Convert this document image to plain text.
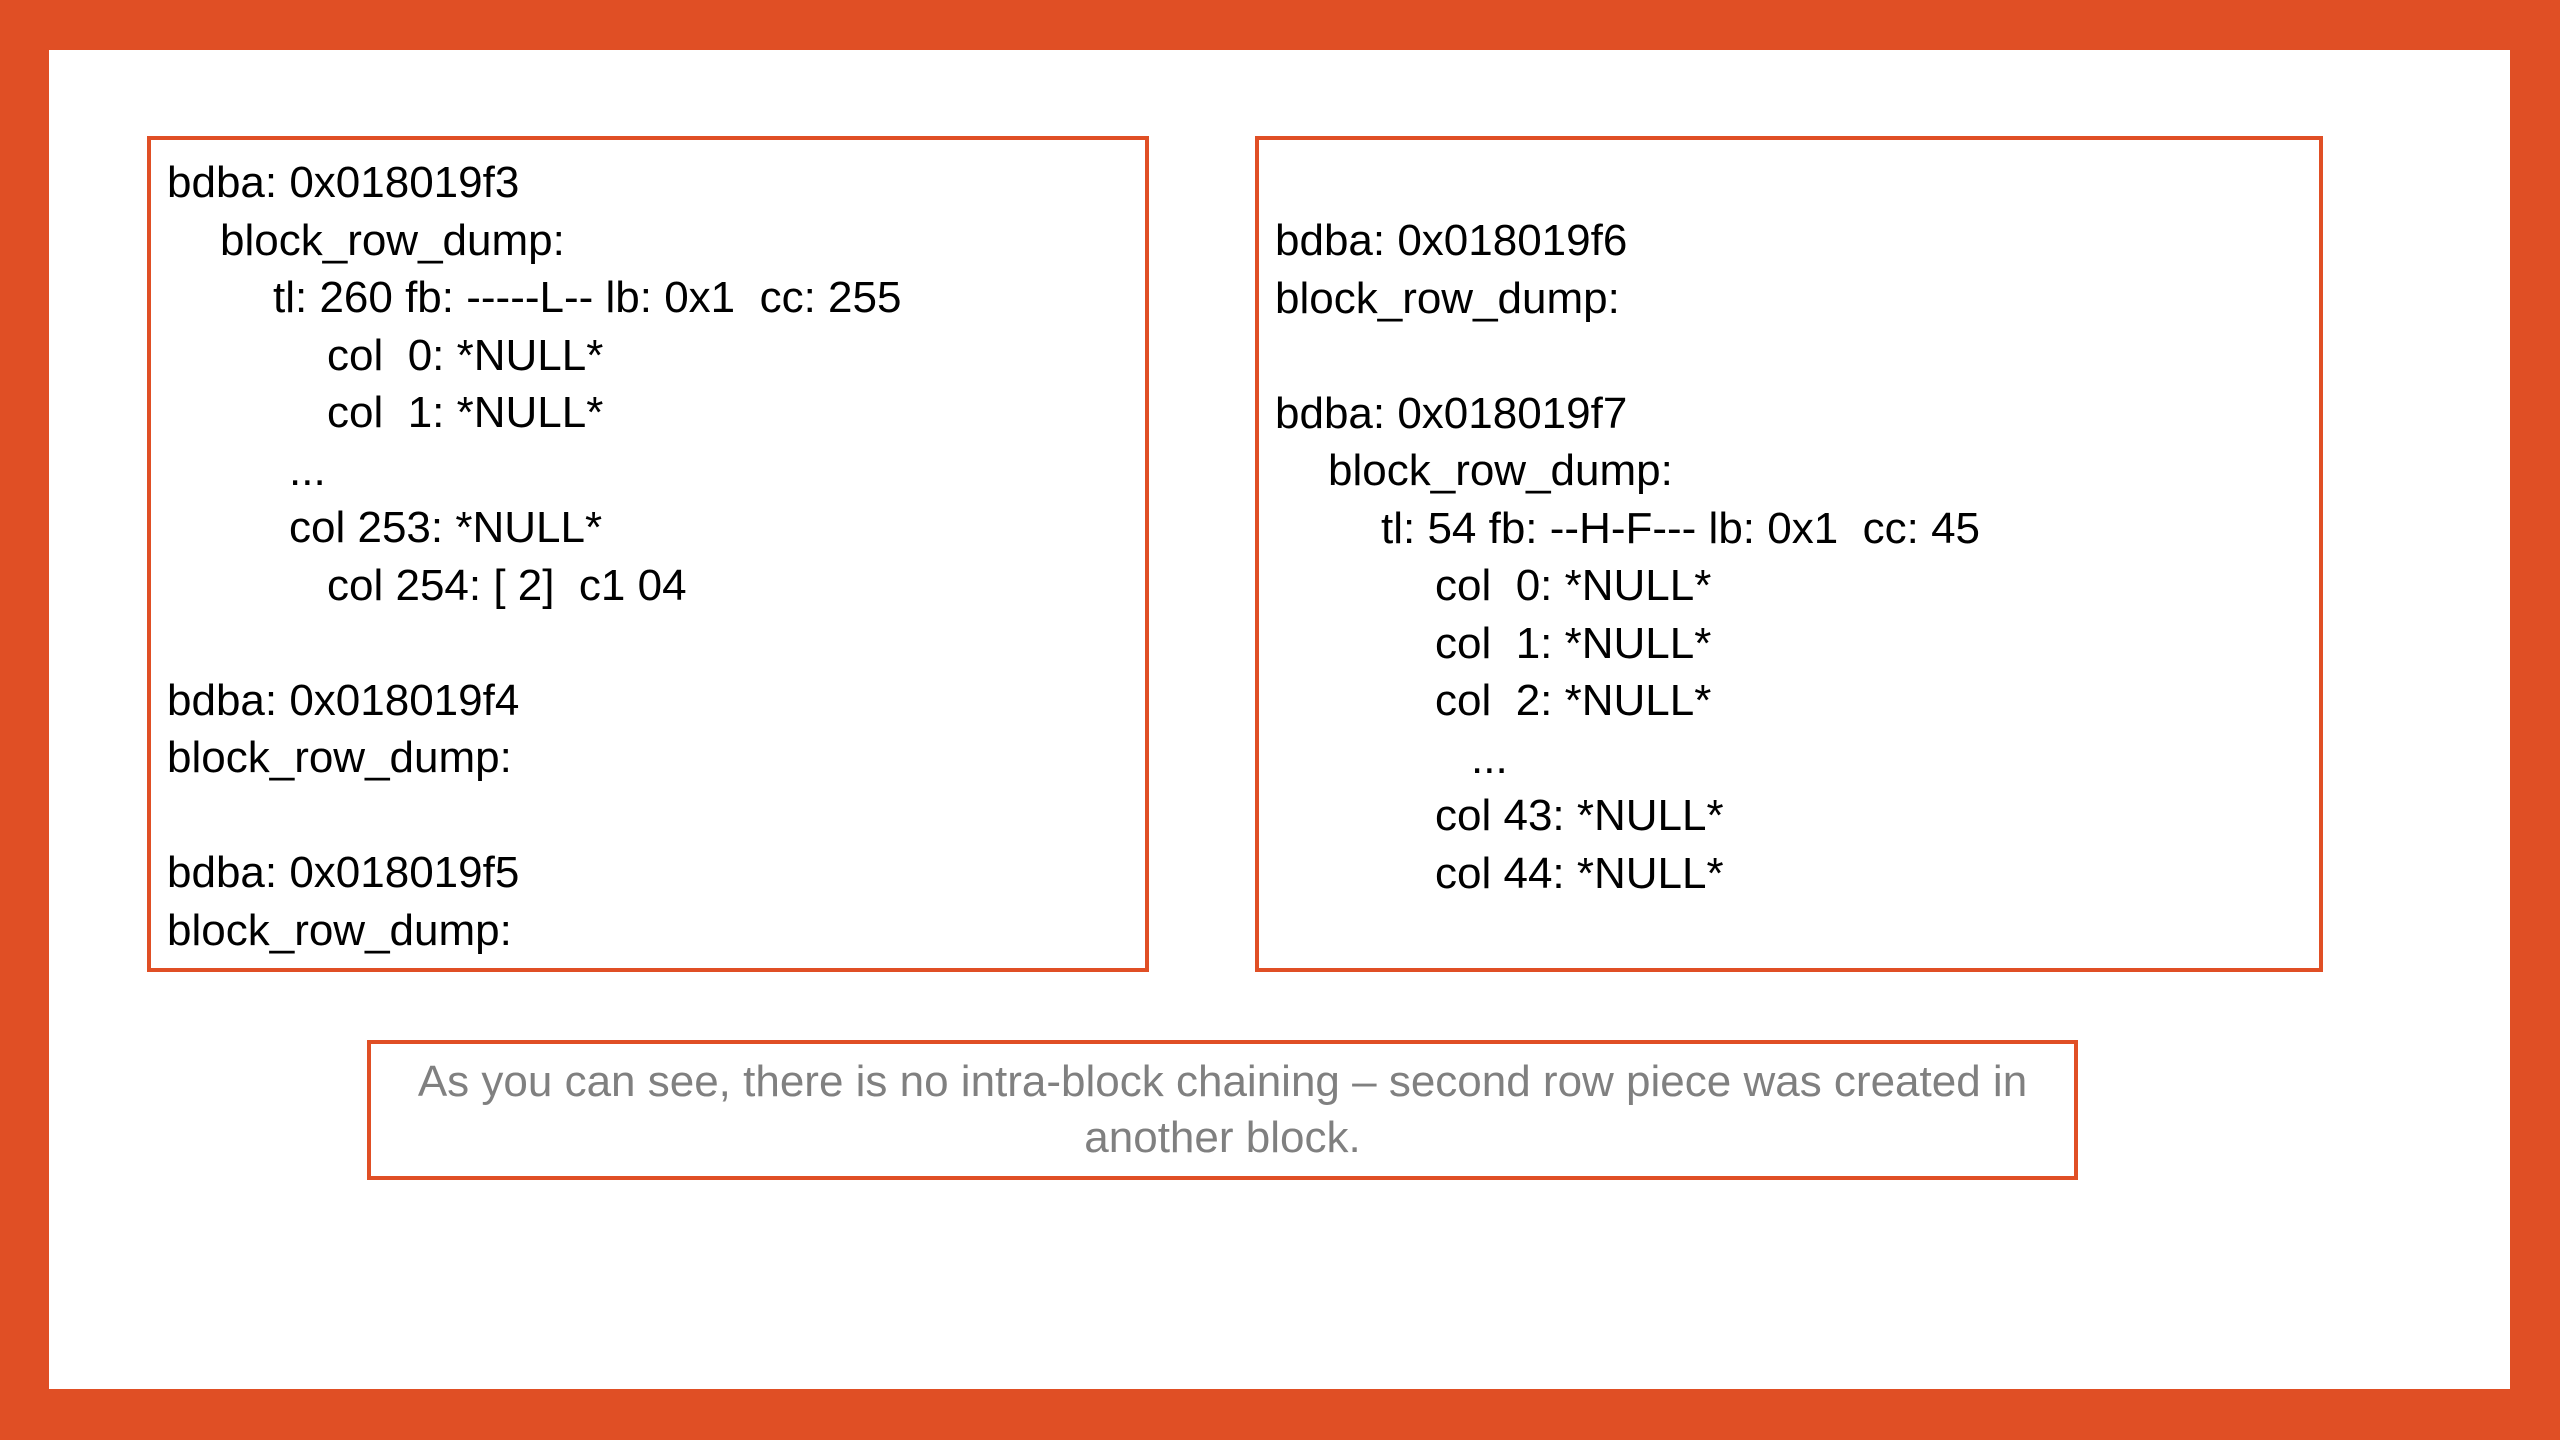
bdba: 0x018019f3
block_row_dump:
tl: 260 fb: -----L-- lb: 0x1  cc: 255
col  0: *NULL*
col  1: *NULL*
...
col 253: *NULL*
col 254: [ 2]  c1 04
bdba: 0x018019f4
block_row_dump:
bdba: 0x018019f5
block_row_dump:
bdba: 0x018019f6
block_row_dump:
bdba: 0x018019f7
block_row_dump:
tl: 54 fb: --H-F--- lb: 0x1  cc: 45
col  0: *NULL*
col  1: *NULL*
col  2: *NULL*
...
col 43: *NULL*
col 44: *NULL*
As you can see, there is no intra-block chaining – second row piece was created in another block.
